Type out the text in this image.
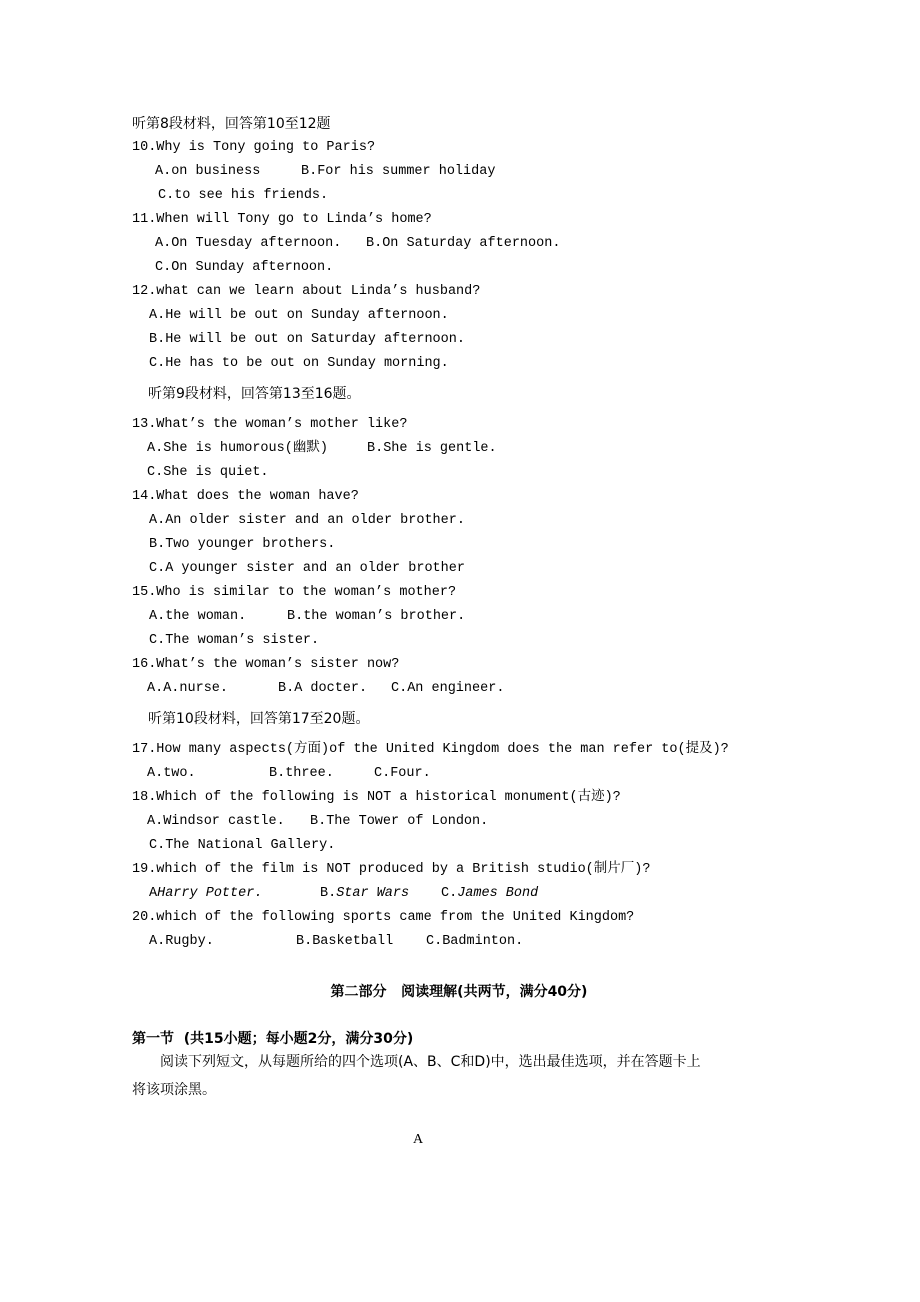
听第8段材料，回答第10至12题
10.Why is Tony going to Paris?
A.on business	B.For his summer holiday
C.to see his friends.
11.When will Tony go to Linda’s home?
A.On Tuesday afternoon. B.On Saturday afternoon.
C.On Sunday afternoon.
12.what can we learn about Linda’s husband?
A.He will be out on Sunday afternoon.
B.He will be out on Saturday afternoon.
C.He has to be out on Sunday morning.
听第9段材料，回答第13至16题。
13.What’s the woman’s mother like?
A.She is humorous(幽默)	B.She is gentle.
C.She is quiet.
14.What does the woman have?
A.An older sister and an older brother.
B.Two younger brothers.
C.A younger sister and an older brother
15.Who is similar to the woman’s mother?
A.the woman.	B.the woman’s brother.
C.The woman’s sister.
16.What’s the woman’s sister now?
A.A.nurse.	B.A docter. C.An engineer.
听第10段材料，回答第17至20题。
17.How many aspects(方面)of the United Kingdom does the man refer to(提及)?
A.two.	B.three.	C.Four.
18.Which of the following is NOT a historical monument(古迹)?
A.Windsor castle. B.The Tower of London.
C.The National Gallery.
19.which of the film is NOT produced by a British studio(制片厂)?
AHarry Potter.	B.Star Wars C.James Bond
20.which of the following sports came from the United Kingdom?
A.Rugby.	B.Basketball C.Badminton.
第二部分   阅读理解(共两节，满分40分)
第一节  (共15小题；每小题2分，满分30分)
阅读下列短文，从每题所给的四个选项(A、B、C和D)中，选出最佳选项，并在答题卡上
将该项涂黑。
A
